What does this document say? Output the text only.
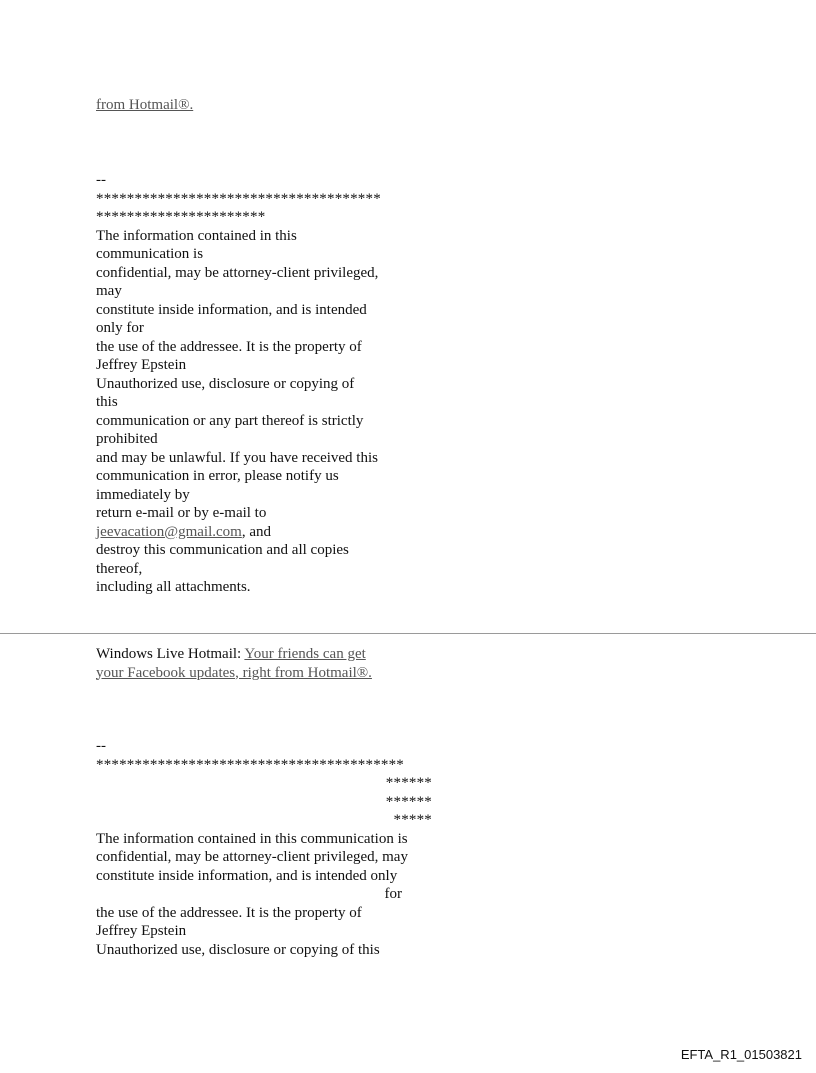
from Hotmail®.
--
*************************************
**********************
The information contained in this
communication is
confidential, may be attorney-client privileged,
may
constitute inside information, and is intended
only for
the use of the addressee. It is the property of
Jeffrey Epstein
Unauthorized use, disclosure or copying of
this
communication or any part thereof is strictly
prohibited
and may be unlawful. If you have received this
communication in error, please notify us
immediately by
return e-mail or by e-mail to
jeevacation@gmail.com, and
destroy this communication and all copies
thereof,
including all attachments.
Windows Live Hotmail: Your friends can get
your Facebook updates, right from Hotmail®.
--
****************************************
******
******
*****
The information contained in this communication is
confidential, may be attorney-client privileged, may
constitute inside information, and is intended only
for
the use of the addressee. It is the property of
Jeffrey Epstein
Unauthorized use, disclosure or copying of this
EFTA_R1_01503821
